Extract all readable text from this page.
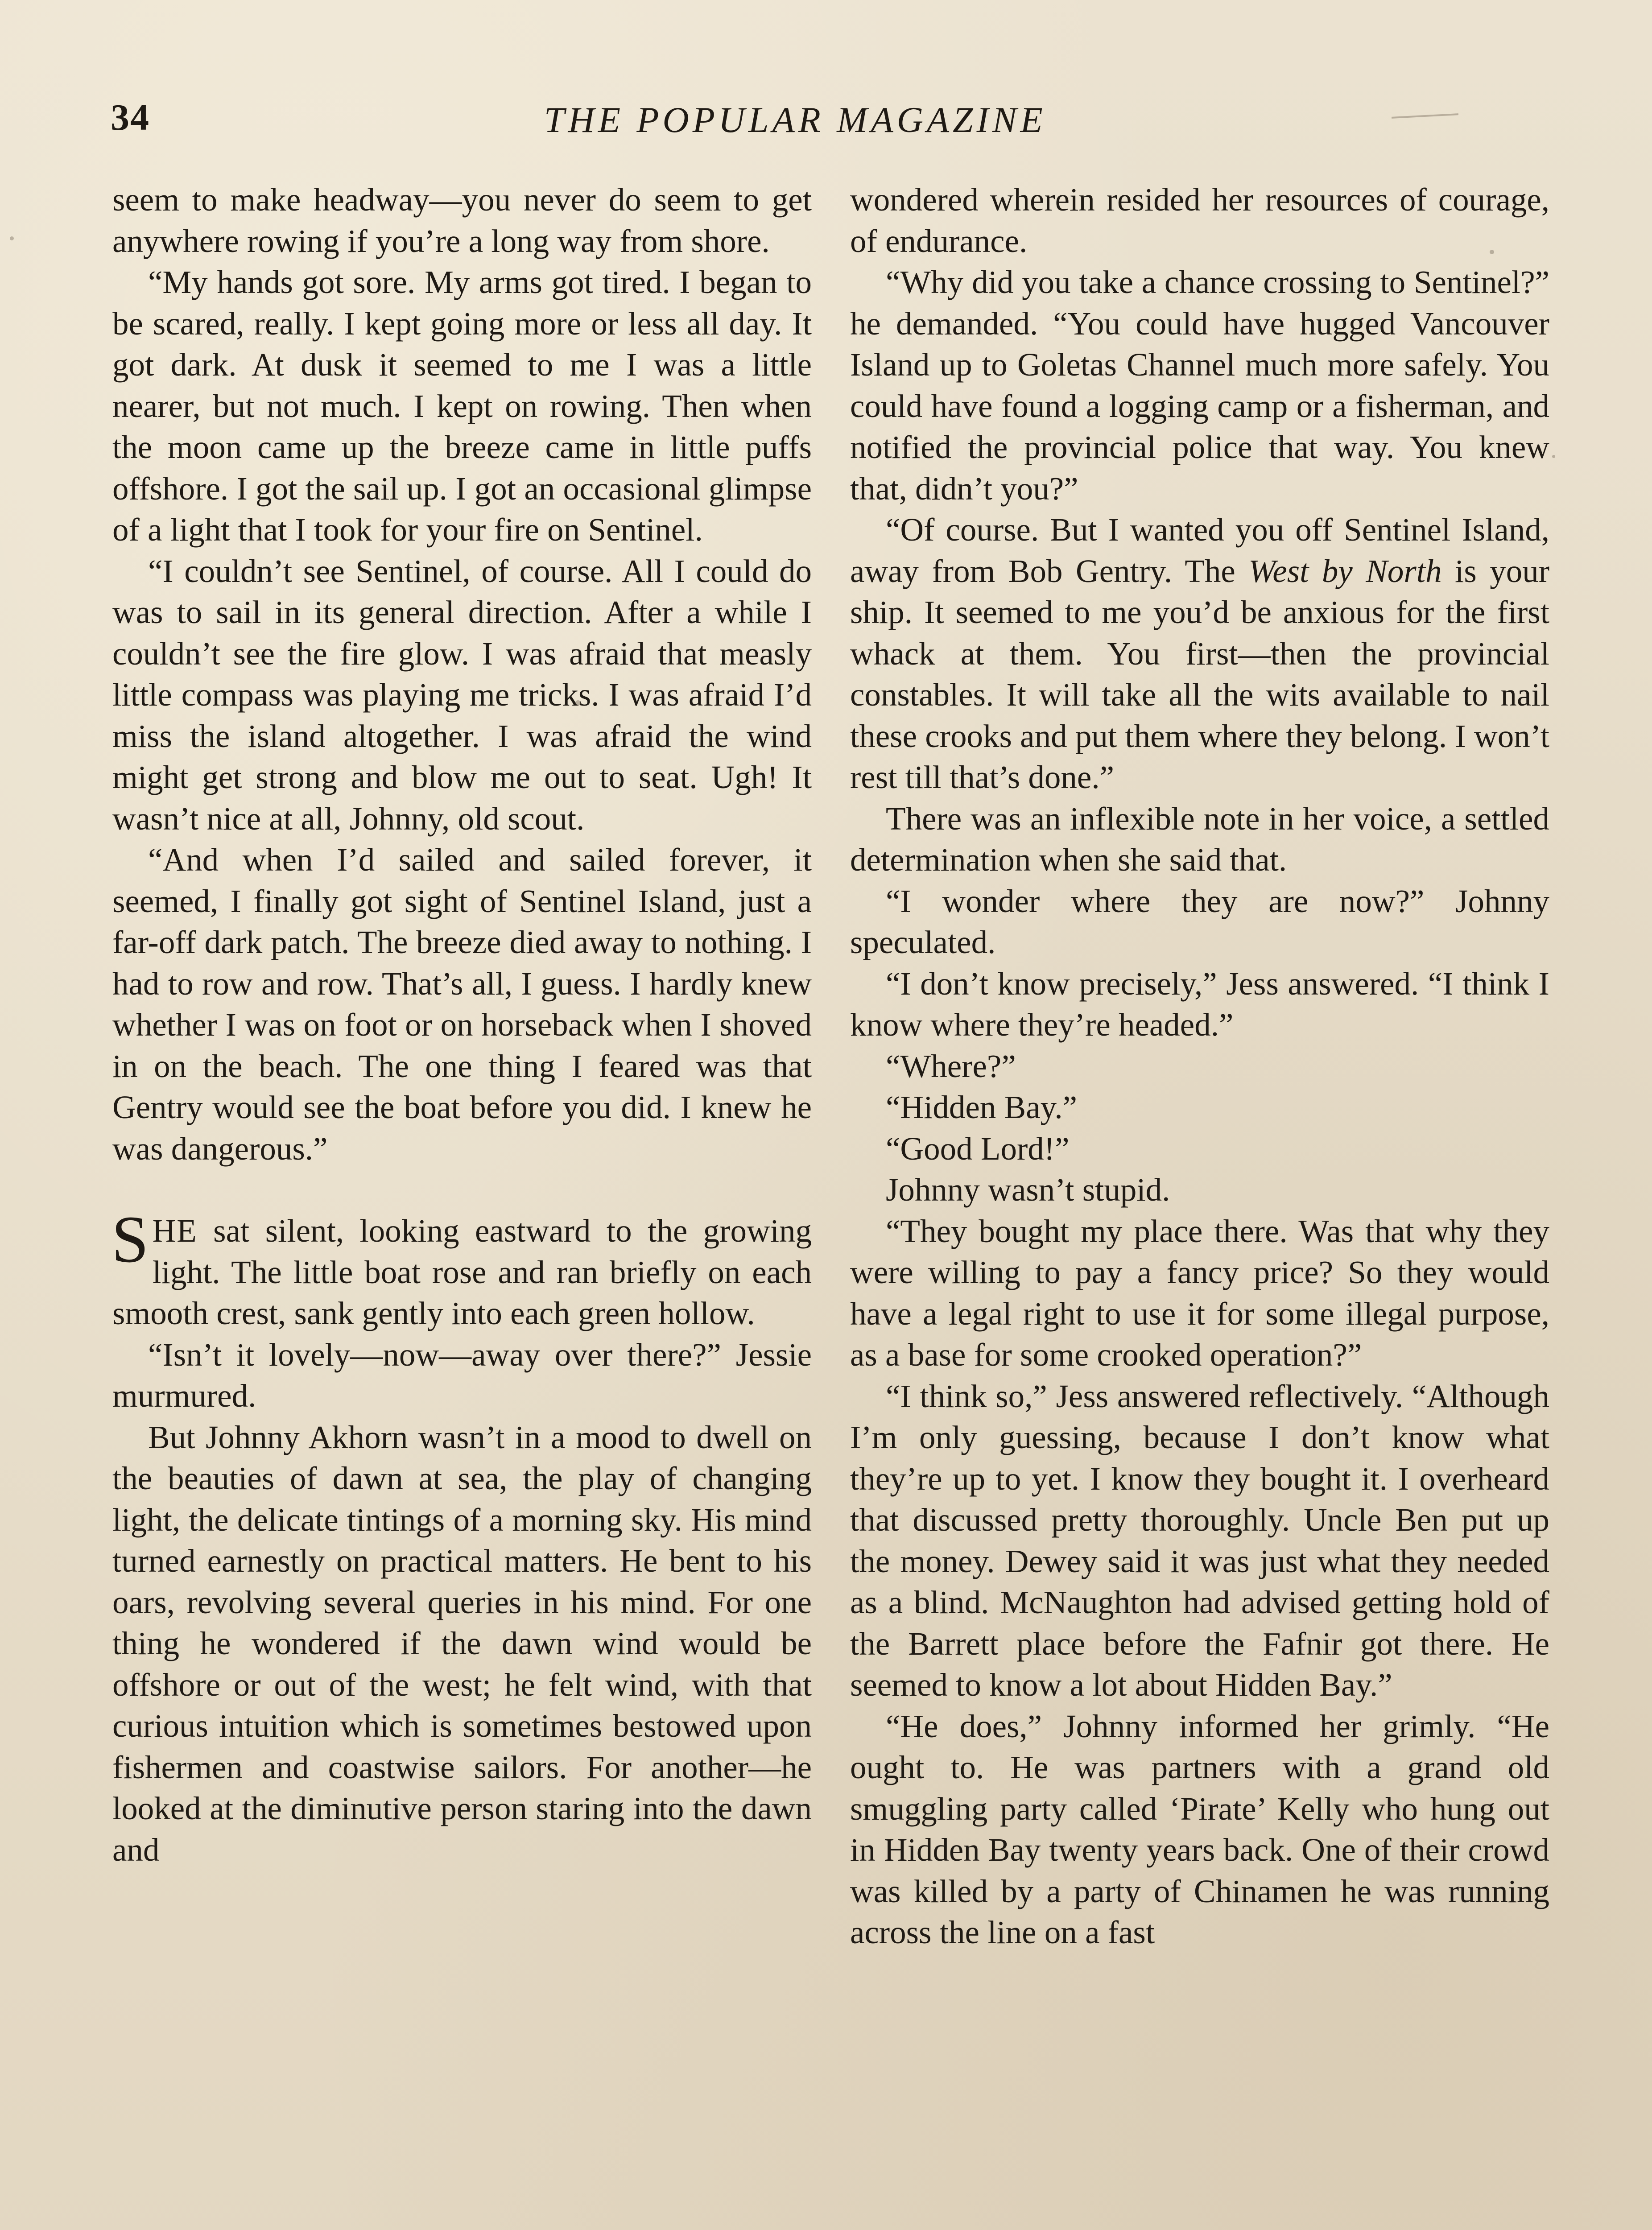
34	THE POPULAR MAGAZINE

seem to make headway—you never do seem to get anywhere rowing if you’re a long way from shore.

“My hands got sore. My arms got tired. I began to be scared, really. I kept going more or less all day. It got dark. At dusk it seemed to me I was a little nearer, but not much. I kept on rowing. Then when the moon came up the breeze came in little puffs offshore. I got the sail up. I got an occasional glimpse of a light that I took for your fire on Sentinel.

“I couldn’t see Sentinel, of course. All I could do was to sail in its general direction. After a while I couldn’t see the fire glow. I was afraid that measly little compass was playing me tricks. I was afraid I’d miss the island altogether. I was afraid the wind might get strong and blow me out to seat. Ugh! It wasn’t nice at all, Johnny, old scout.

“And when I’d sailed and sailed forever, it seemed, I finally got sight of Sentinel Island, just a far-off dark patch. The breeze died away to nothing. I had to row and row. That’s all, I guess. I hardly knew whether I was on foot or on horseback when I shoved in on the beach. The one thing I feared was that Gentry would see the boat before you did. I knew he was dangerous.”

SHE sat silent, looking eastward to the growing light. The little boat rose and ran briefly on each smooth crest, sank gently into each green hollow.

“Isn’t it lovely—now—away over there?” Jessie murmured.

But Johnny Akhorn wasn’t in a mood to dwell on the beauties of dawn at sea, the play of changing light, the delicate tintings of a morning sky. His mind turned earnestly on practical matters. He bent to his oars, revolving several queries in his mind. For one thing he wondered if the dawn wind would be offshore or out of the west; he felt wind, with that curious intuition which is sometimes bestowed upon fishermen and coastwise sailors. For another—he looked at the diminutive person staring into the dawn and

wondered wherein resided her resources of courage, of endurance.

“Why did you take a chance crossing to Sentinel?” he demanded. “You could have hugged Vancouver Island up to Goletas Channel much more safely. You could have found a logging camp or a fisherman, and notified the provincial police that way. You knew that, didn’t you?”

“Of course. But I wanted you off Sentinel Island, away from Bob Gentry. The West by North is your ship. It seemed to me you’d be anxious for the first whack at them. You first—then the provincial constables. It will take all the wits available to nail these crooks and put them where they belong. I won’t rest till that’s done.”

There was an inflexible note in her voice, a settled determination when she said that.

“I wonder where they are now?” Johnny speculated.

“I don’t know precisely,” Jess answered. “I think I know where they’re headed.”

“Where?”

“Hidden Bay.”

“Good Lord!”

Johnny wasn’t stupid.

“They bought my place there. Was that why they were willing to pay a fancy price? So they would have a legal right to use it for some illegal purpose, as a base for some crooked operation?”

“I think so,” Jess answered reflectively. “Although I’m only guessing, because I don’t know what they’re up to yet. I know they bought it. I overheard that discussed pretty thoroughly. Uncle Ben put up the money. Dewey said it was just what they needed as a blind. McNaughton had advised getting hold of the Barrett place before the Fafnir got there. He seemed to know a lot about Hidden Bay.”

“He does,” Johnny informed her grimly. “He ought to. He was partners with a grand old smuggling party called ‘Pirate’ Kelly who hung out in Hidden Bay twenty years back. One of their crowd was killed by a party of Chinamen he was running across the line on a fast
